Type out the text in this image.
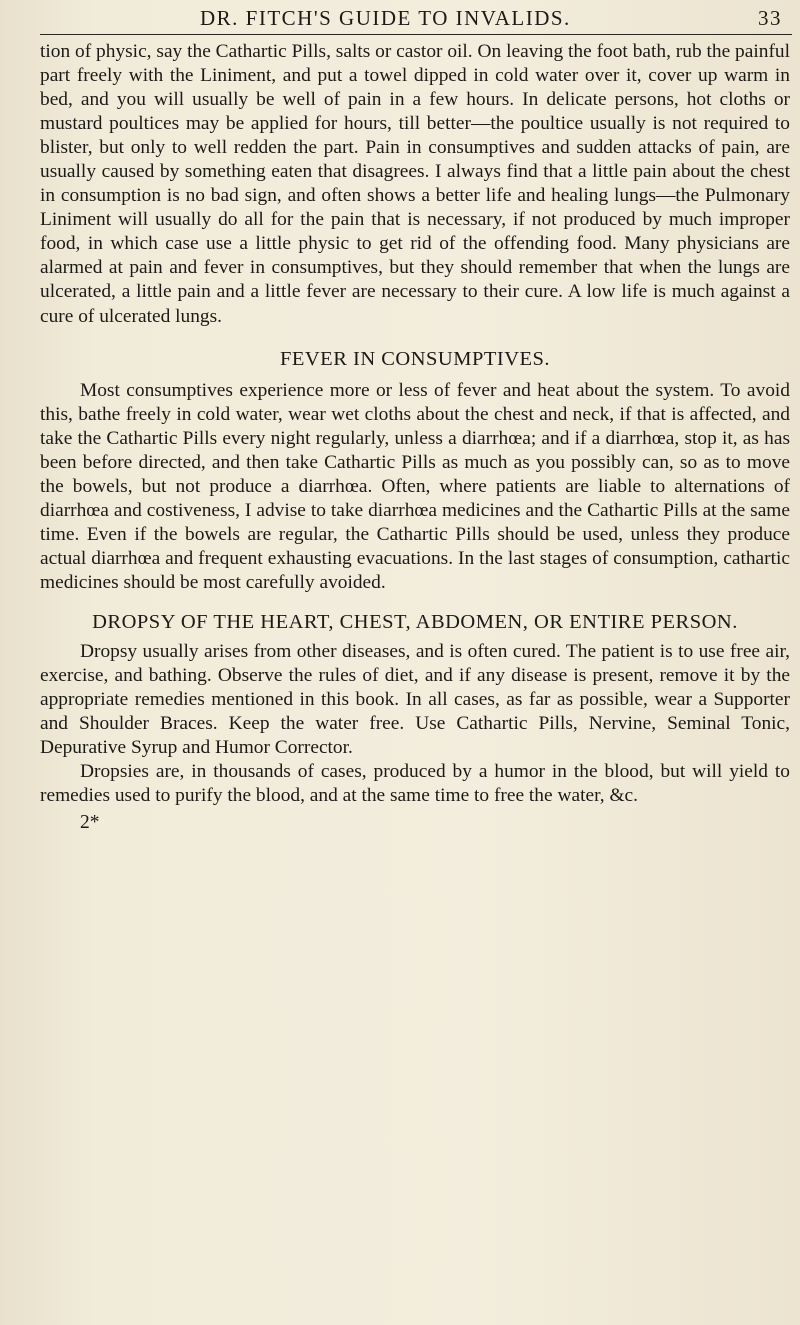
DR. FITCH'S GUIDE TO INVALIDS.	33

tion of physic, say the Cathartic Pills, salts or castor oil. On leaving the foot bath, rub the painful part freely with the Liniment, and put a towel dipped in cold water over it, cover up warm in bed, and you will usually be well of pain in a few hours. In delicate persons, hot cloths or mustard poultices may be applied for hours, till better—the poultice usually is not required to blister, but only to well redden the part. Pain in consumptives and sudden attacks of pain, are usually caused by something eaten that disagrees. I always find that a little pain about the chest in consumption is no bad sign, and often shows a better life and healing lungs—the Pulmonary Liniment will usually do all for the pain that is necessary, if not produced by much improper food, in which case use a little physic to get rid of the offending food. Many physicians are alarmed at pain and fever in consumptives, but they should remember that when the lungs are ulcerated, a little pain and a little fever are necessary to their cure. A low life is much against a cure of ulcerated lungs.

FEVER IN CONSUMPTIVES.

Most consumptives experience more or less of fever and heat about the system. To avoid this, bathe freely in cold water, wear wet cloths about the chest and neck, if that is affected, and take the Cathartic Pills every night regularly, unless a diarrhœa; and if a diarrhœa, stop it, as has been before directed, and then take Cathartic Pills as much as you possibly can, so as to move the bowels, but not produce a diarrhœa. Often, where patients are liable to alternations of diarrhœa and costiveness, I advise to take diarrhœa medicines and the Cathartic Pills at the same time. Even if the bowels are regular, the Cathartic Pills should be used, unless they produce actual diarrhœa and frequent exhausting evacuations. In the last stages of consumption, cathartic medicines should be most carefully avoided.

DROPSY OF THE HEART, CHEST, ABDOMEN, OR ENTIRE PERSON.

Dropsy usually arises from other diseases, and is often cured. The patient is to use free air, exercise, and bathing. Observe the rules of diet, and if any disease is present, remove it by the appropriate remedies mentioned in this book. In all cases, as far as possible, wear a Supporter and Shoulder Braces. Keep the water free. Use Cathartic Pills, Nervine, Seminal Tonic, Depurative Syrup and Humor Corrector.

Dropsies are, in thousands of cases, produced by a humor in the blood, but will yield to remedies used to purify the blood, and at the same time to free the water, &c.

2*
